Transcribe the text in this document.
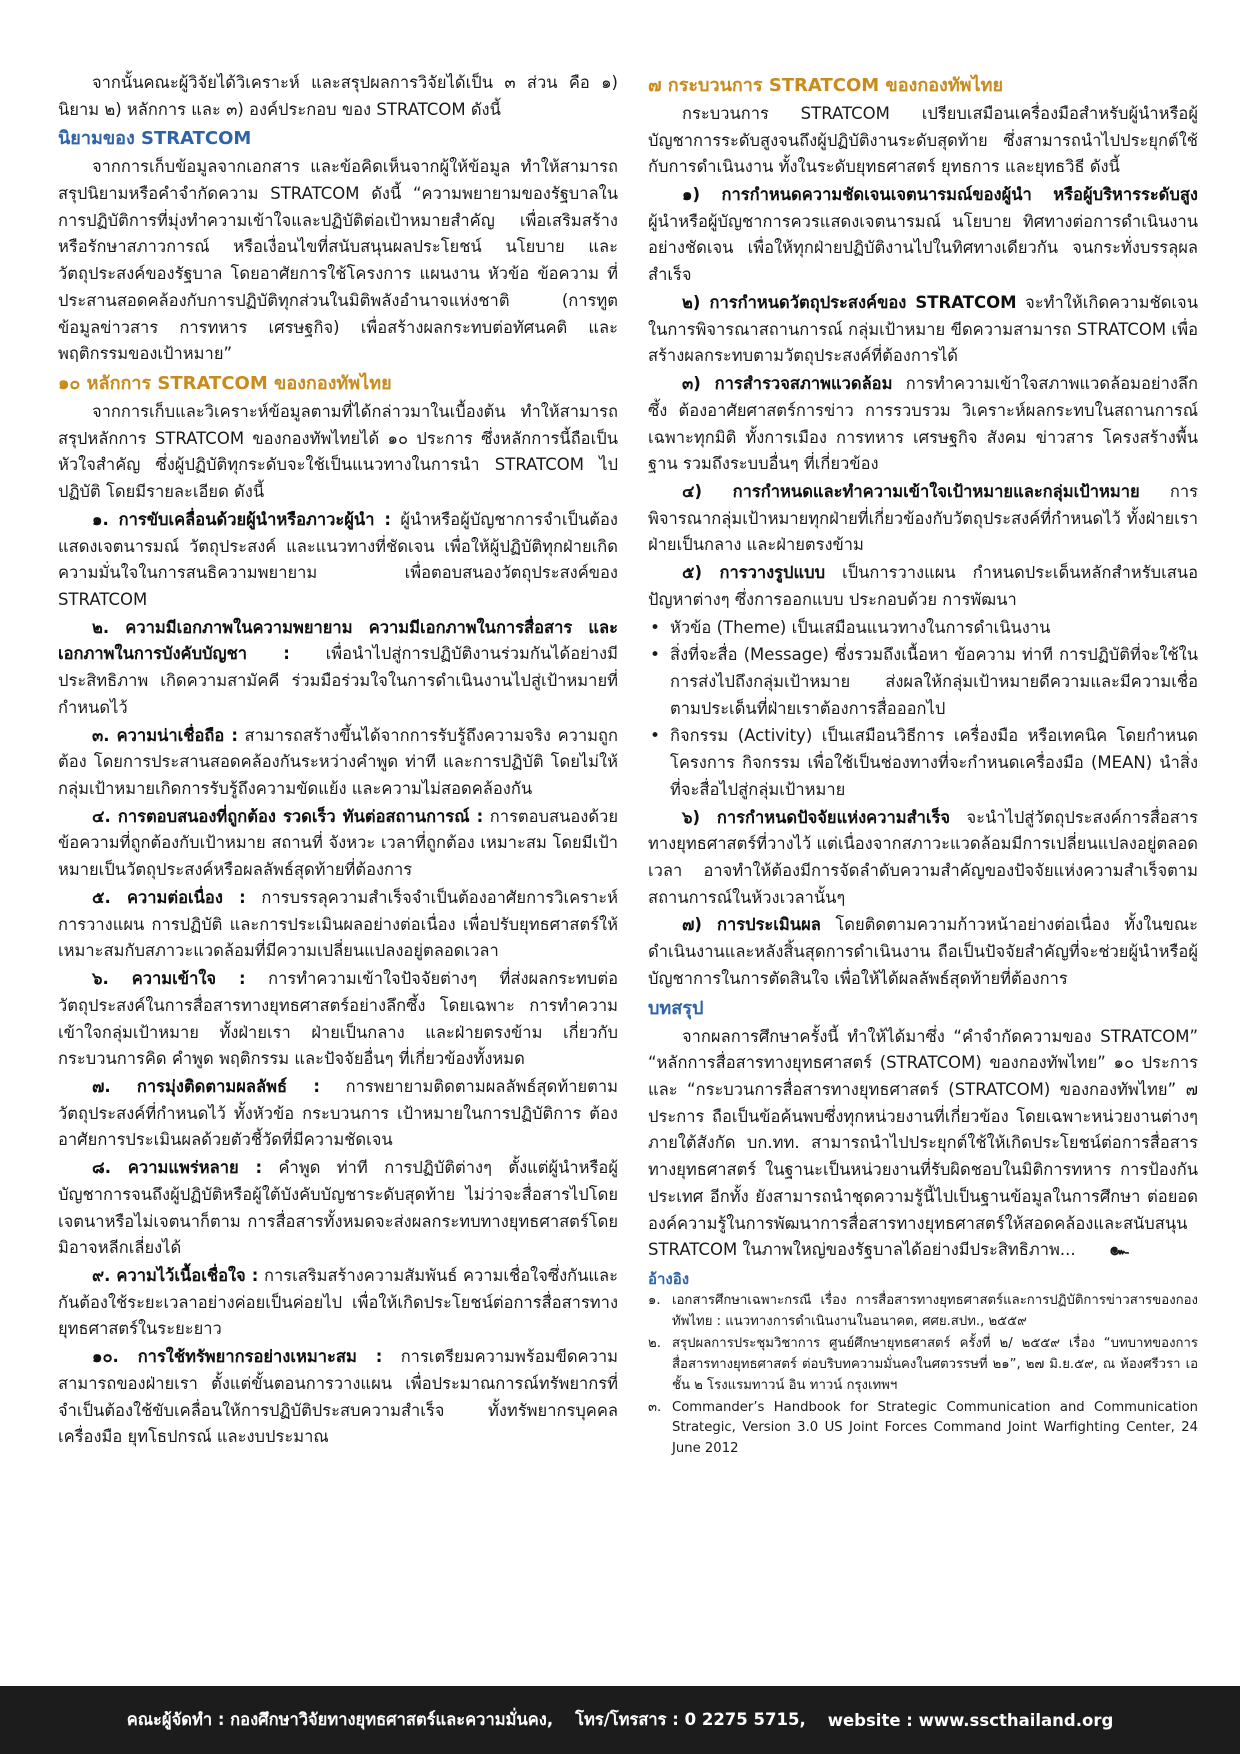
จากนั้นคณะผู้วิจัยได้วิเคราะห์ และสรุปผลการวิจัยได้เป็น ๓ ส่วน คือ ๑) นิยาม ๒) หลักการ และ ๓) องค์ประกอบ ของ STRATCOM ดังนี้

นิยามของ STRATCOM

จากการเก็บข้อมูลจากเอกสาร และข้อคิดเห็นจากผู้ให้ข้อมูล ทำให้สามารถสรุปนิยามหรือคำจำกัดความ STRATCOM ดังนี้ “ความพยายามของรัฐบาลในการปฏิบัติการที่มุ่งทำความเข้าใจและปฏิบัติต่อเป้าหมายสำคัญ เพื่อเสริมสร้างหรือรักษาสภาวการณ์ หรือเงื่อนไขที่สนับสนุนผลประโยชน์ นโยบาย และวัตถุประสงค์ของรัฐบาล โดยอาศัยการใช้โครงการ แผนงาน หัวข้อ ข้อความ ที่ประสานสอดคล้องกับการปฏิบัติทุกส่วนในมิติพลังอำนาจแห่งชาติ (การทูต ข้อมูลข่าวสาร การทหาร เศรษฐกิจ) เพื่อสร้างผลกระทบต่อทัศนคติ และพฤติกรรมของเป้าหมาย”

๑๐ หลักการ STRATCOM ของกองทัพไทย

จากการเก็บและวิเคราะห์ข้อมูลตามที่ได้กล่าวมาในเบื้องต้น ทำให้สามารถสรุปหลักการ STRATCOM ของกองทัพไทยได้ ๑๐ ประการ ซึ่งหลักการนี้ถือเป็นหัวใจสำคัญ ซึ่งผู้ปฏิบัติทุกระดับจะใช้เป็นแนวทางในการนำ STRATCOM ไปปฏิบัติ โดยมีรายละเอียด ดังนี้

๑. การขับเคลื่อนด้วยผู้นำหรือภาวะผู้นำ : ผู้นำหรือผู้บัญชาการจำเป็นต้องแสดงเจตนารมณ์ วัตถุประสงค์ และแนวทางที่ชัดเจน เพื่อให้ผู้ปฏิบัติทุกฝ่ายเกิดความมั่นใจในการสนธิความพยายาม เพื่อตอบสนองวัตถุประสงค์ของ STRATCOM

๒. ความมีเอกภาพในความพยายาม ความมีเอกภาพในการสื่อสาร และเอกภาพในการบังคับบัญชา : เพื่อนำไปสู่การปฏิบัติงานร่วมกันได้อย่างมีประสิทธิภาพ เกิดความสามัคคี ร่วมมือร่วมใจในการดำเนินงานไปสู่เป้าหมายที่กำหนดไว้

๓. ความน่าเชื่อถือ : สามารถสร้างขึ้นได้จากการรับรู้ถึงความจริง ความถูกต้อง โดยการประสานสอดคล้องกันระหว่างคำพูด ท่าที และการปฏิบัติ โดยไม่ให้กลุ่มเป้าหมายเกิดการรับรู้ถึงความขัดแย้ง และความไม่สอดคล้องกัน

๔. การตอบสนองที่ถูกต้อง รวดเร็ว ทันต่อสถานการณ์ : การตอบสนองด้วยข้อความที่ถูกต้องกับเป้าหมาย สถานที่ จังหวะ เวลาที่ถูกต้อง เหมาะสม โดยมีเป้าหมายเป็นวัตถุประสงค์หรือผลลัพธ์สุดท้ายที่ต้องการ

๕. ความต่อเนื่อง : การบรรลุความสำเร็จจำเป็นต้องอาศัยการวิเคราะห์ การวางแผน การปฏิบัติ และการประเมินผลอย่างต่อเนื่อง เพื่อปรับยุทธศาสตร์ให้เหมาะสมกับสภาวะแวดล้อมที่มีความเปลี่ยนแปลงอยู่ตลอดเวลา

๖. ความเข้าใจ : การทำความเข้าใจปัจจัยต่างๆ ที่ส่งผลกระทบต่อวัตถุประสงค์ในการสื่อสารทางยุทธศาสตร์อย่างลึกซึ้ง โดยเฉพาะ การทำความเข้าใจกลุ่มเป้าหมาย ทั้งฝ่ายเรา ฝ่ายเป็นกลาง และฝ่ายตรงข้าม เกี่ยวกับกระบวนการคิด คำพูด พฤติกรรม และปัจจัยอื่นๆ ที่เกี่ยวข้องทั้งหมด

๗. การมุ่งติดตามผลลัพธ์ : การพยายามติดตามผลลัพธ์สุดท้ายตามวัตถุประสงค์ที่กำหนดไว้ ทั้งหัวข้อ กระบวนการ เป้าหมายในการปฏิบัติการ ต้องอาศัยการประเมินผลด้วยตัวชี้วัดที่มีความชัดเจน

๘. ความแพร่หลาย : คำพูด ท่าที การปฏิบัติต่างๆ ตั้งแต่ผู้นำหรือผู้บัญชาการจนถึงผู้ปฏิบัติหรือผู้ใต้บังคับบัญชาระดับสุดท้าย ไม่ว่าจะสื่อสารไปโดยเจตนาหรือไม่เจตนาก็ตาม การสื่อสารทั้งหมดจะส่งผลกระทบทางยุทธศาสตร์โดยมิอาจหลีกเลี่ยงได้

๙. ความไว้เนื้อเชื่อใจ : การเสริมสร้างความสัมพันธ์ ความเชื่อใจซึ่งกันและกันต้องใช้ระยะเวลาอย่างค่อยเป็นค่อยไป เพื่อให้เกิดประโยชน์ต่อการสื่อสารทางยุทธศาสตร์ในระยะยาว

๑๐. การใช้ทรัพยากรอย่างเหมาะสม : การเตรียมความพร้อมขีดความสามารถของฝ่ายเรา ตั้งแต่ขั้นตอนการวางแผน เพื่อประมาณการณ์ทรัพยากรที่จำเป็นต้องใช้ขับเคลื่อนให้การปฏิบัติประสบความสำเร็จ ทั้งทรัพยากรบุคคล เครื่องมือ ยุทโธปกรณ์ และงบประมาณ

๗ กระบวนการ STRATCOM ของกองทัพไทย

กระบวนการ STRATCOM เปรียบเสมือนเครื่องมือสำหรับผู้นำหรือผู้บัญชาการระดับสูงจนถึงผู้ปฏิบัติงานระดับสุดท้าย ซึ่งสามารถนำไปประยุกต์ใช้กับการดำเนินงาน ทั้งในระดับยุทธศาสตร์ ยุทธการ และยุทธวิธี ดังนี้

๑) การกำหนดความชัดเจนเจตนารมณ์ของผู้นำ หรือผู้บริหารระดับสูง ผู้นำหรือผู้บัญชาการควรแสดงเจตนารมณ์ นโยบาย ทิศทางต่อการดำเนินงานอย่างชัดเจน เพื่อให้ทุกฝ่ายปฏิบัติงานไปในทิศทางเดียวกัน จนกระทั่งบรรลุผลสำเร็จ

๒) การกำหนดวัตถุประสงค์ของ STRATCOM จะทำให้เกิดความชัดเจนในการพิจารณาสถานการณ์ กลุ่มเป้าหมาย ขีดความสามารถ STRATCOM เพื่อสร้างผลกระทบตามวัตถุประสงค์ที่ต้องการได้

๓) การสำรวจสภาพแวดล้อม การทำความเข้าใจสภาพแวดล้อมอย่างลึกซึ้ง ต้องอาศัยศาสตร์การข่าว การรวบรวม วิเคราะห์ผลกระทบในสถานการณ์เฉพาะทุกมิติ ทั้งการเมือง การทหาร เศรษฐกิจ สังคม ข่าวสาร โครงสร้างพื้นฐาน รวมถึงระบบอื่นๆ ที่เกี่ยวข้อง

๔) การกำหนดและทำความเข้าใจเป้าหมายและกลุ่มเป้าหมาย การพิจารณากลุ่มเป้าหมายทุกฝ่ายที่เกี่ยวข้องกับวัตถุประสงค์ที่กำหนดไว้ ทั้งฝ่ายเรา ฝ่ายเป็นกลาง และฝ่ายตรงข้าม

๕) การวางรูปแบบ เป็นการวางแผน กำหนดประเด็นหลักสำหรับเสนอปัญหาต่างๆ ซึ่งการออกแบบ ประกอบด้วย การพัฒนา

• หัวข้อ (Theme) เป็นเสมือนแนวทางในการดำเนินงาน

• สิ่งที่จะสื่อ (Message) ซึ่งรวมถึงเนื้อหา ข้อความ ท่าที การปฏิบัติที่จะใช้ในการส่งไปถึงกลุ่มเป้าหมาย ส่งผลให้กลุ่มเป้าหมายดีความและมีความเชื่อตามประเด็นที่ฝ่ายเราต้องการสื่อออกไป

• กิจกรรม (Activity) เป็นเสมือนวิธีการ เครื่องมือ หรือเทคนิค โดยกำหนดโครงการ กิจกรรม เพื่อใช้เป็นช่องทางที่จะกำหนดเครื่องมือ (MEAN) นำสิ่งที่จะสื่อไปสู่กลุ่มเป้าหมาย

๖) การกำหนดปัจจัยแห่งความสำเร็จ จะนำไปสู่วัตถุประสงค์การสื่อสารทางยุทธศาสตร์ที่วางไว้ แต่เนื่องจากสภาวะแวดล้อมมีการเปลี่ยนแปลงอยู่ตลอดเวลา อาจทำให้ต้องมีการจัดลำดับความสำคัญของปัจจัยแห่งความสำเร็จตามสถานการณ์ในห้วงเวลานั้นๆ

๗) การประเมินผล โดยติดตามความก้าวหน้าอย่างต่อเนื่อง ทั้งในขณะดำเนินงานและหลังสิ้นสุดการดำเนินงาน ถือเป็นปัจจัยสำคัญที่จะช่วยผู้นำหรือผู้บัญชาการในการตัดสินใจ เพื่อให้ได้ผลลัพธ์สุดท้ายที่ต้องการ

บทสรุป

จากผลการศึกษาครั้งนี้ ทำให้ได้มาซึ่ง “คำจำกัดความของ STRATCOM” “หลักการสื่อสารทางยุทธศาสตร์ (STRATCOM) ของกองทัพไทย” ๑๐ ประการ และ “กระบวนการสื่อสารทางยุทธศาสตร์ (STRATCOM) ของกองทัพไทย” ๗ ประการ ถือเป็นข้อค้นพบซึ่งทุกหน่วยงานที่เกี่ยวข้อง โดยเฉพาะหน่วยงานต่างๆ ภายใต้สังกัด บก.ทท. สามารถนำไปประยุกต์ใช้ให้เกิดประโยชน์ต่อการสื่อสารทางยุทธศาสตร์ ในฐานะเป็นหน่วยงานที่รับผิดชอบในมิติการทหาร การป้องกันประเทศ อีกทั้ง ยังสามารถนำชุดความรู้นี้ไปเป็นฐานข้อมูลในการศึกษา ต่อยอดองค์ความรู้ในการพัฒนาการสื่อสารทางยุทธศาสตร์ให้สอดคล้องและสนับสนุน STRATCOM ในภาพใหญ่ของรัฐบาลได้อย่างมีประสิทธิภาพ... ๛

อ้างอิง

๑. เอกสารศึกษาเฉพาะกรณี เรื่อง การสื่อสารทางยุทธศาสตร์และการปฏิบัติการข่าวสารของกองทัพไทย : แนวทางการดำเนินงานในอนาคต, ศศย.สปท., ๒๕๕๙

๒. สรุปผลการประชุมวิชาการ ศูนย์ศึกษายุทธศาสตร์ ครั้งที่ ๒/ ๒๕๕๙ เรื่อง “บทบาทของการสื่อสารทางยุทธศาสตร์ ต่อบริบทความมั่นคงในศตวรรษที่ ๒๑”, ๒๗ มิ.ย.๕๙, ณ ห้องศรีวรา เอ ชั้น ๒ โรงแรมทาวน์ อิน ทาวน์ กรุงเทพฯ

๓. Commander’s Handbook for Strategic Communication and Communication Strategic, Version 3.0 US Joint Forces Command Joint Warfighting Center, 24 June 2012

คณะผู้จัดทำ : กองศึกษาวิจัยทางยุทธศาสตร์และความมั่นคง, โทร/โทรสาร : 0 2275 5715, website : www.sscthailand.org
